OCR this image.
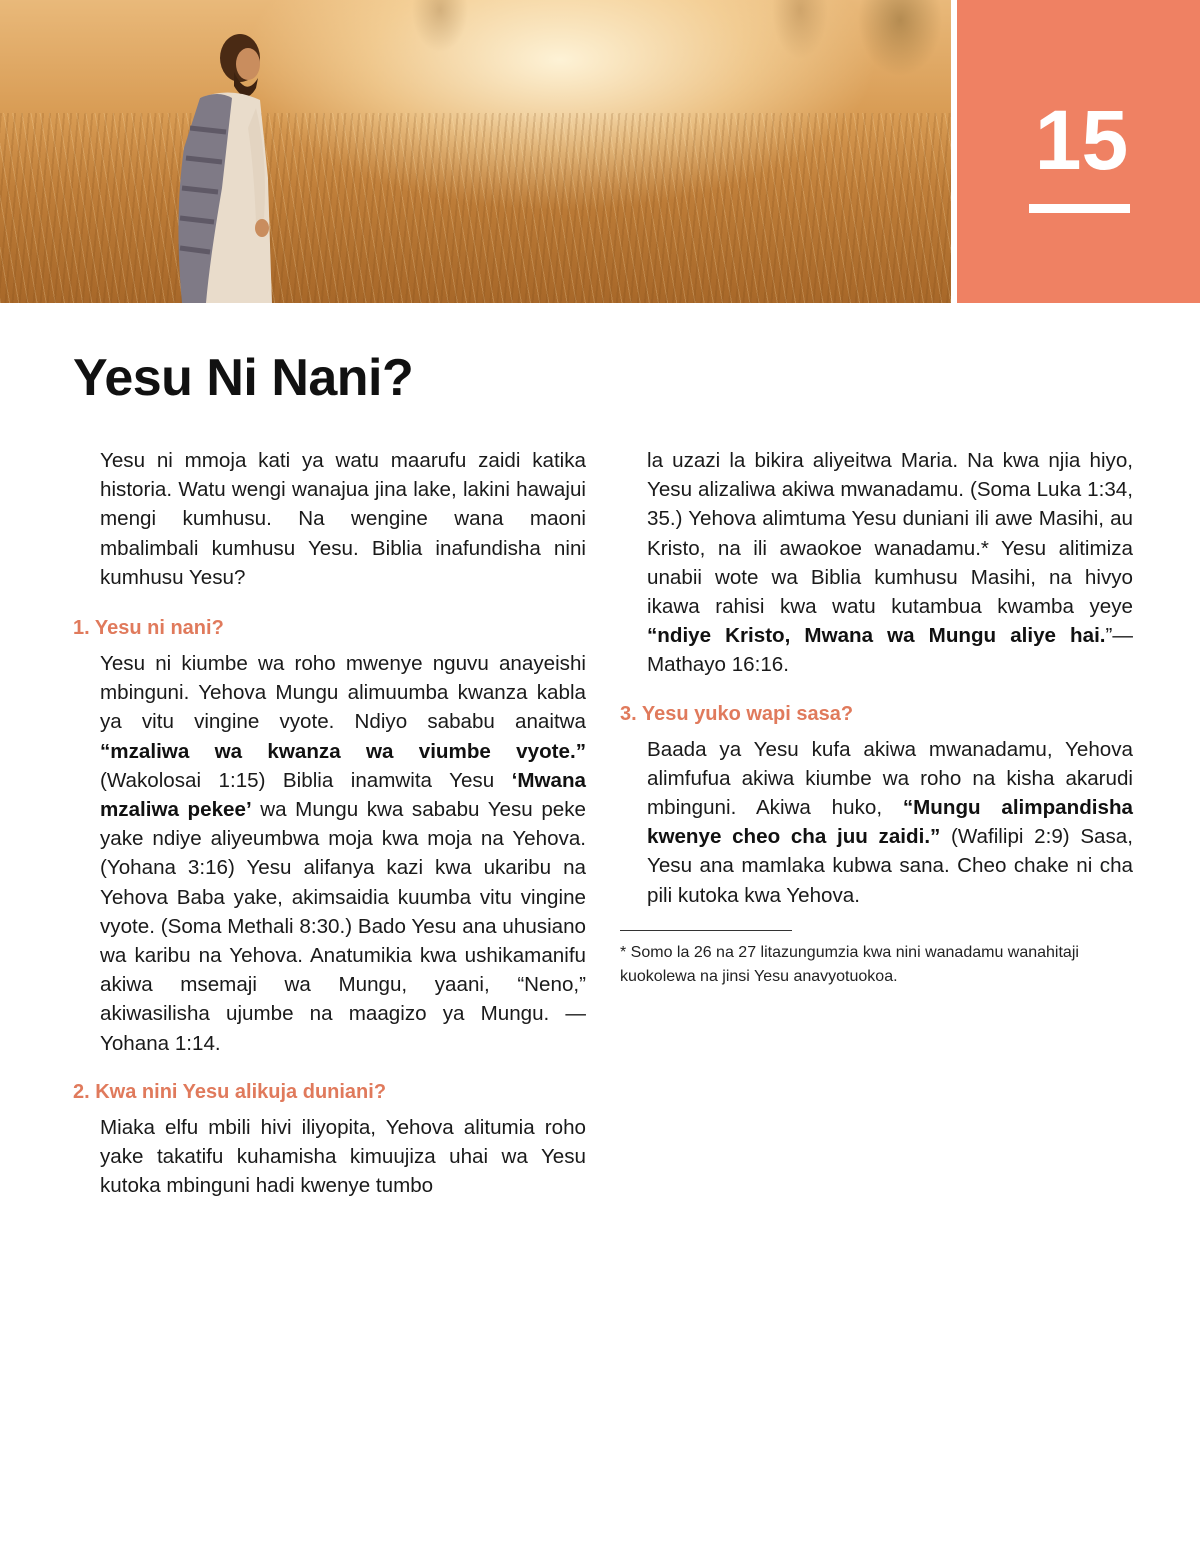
15
Yesu Ni Nani?

Yesu ni mmoja kati ya watu maarufu zaidi katika historia. Watu wengi wanajua jina lake, lakini hawajui mengi kumhusu. Na wengine wana maoni mbalimbali kumhusu Yesu. Biblia inafundisha nini kumhusu Yesu?

1. Yesu ni nani?

Yesu ni kiumbe wa roho mwenye nguvu anayeishi mbinguni. Yehova Mungu alimuumba kwanza kabla ya vitu vingine vyote. Ndiyo sababu anaitwa “mzaliwa wa kwanza wa viumbe vyote.” (Wakolosai 1:15) Biblia inamwita Yesu ‘Mwana mzaliwa pekee’ wa Mungu kwa sababu Yesu peke yake ndiye aliyeumbwa moja kwa moja na Yehova. (Yohana 3:16) Yesu alifanya kazi kwa ukaribu na Yehova Baba yake, akimsaidia kuumba vitu vingine vyote. (Soma Methali 8:30.) Bado Yesu ana uhusiano wa karibu na Yehova. Anatumikia kwa ushikamanifu akiwa msemaji wa Mungu, yaani, “Neno,” akiwasilisha ujumbe na maagizo ya Mungu. —Yohana 1:14.

2. Kwa nini Yesu alikuja duniani?

Miaka elfu mbili hivi iliyopita, Yehova alitumia roho yake takatifu kuhamisha kimuujiza uhai wa Yesu kutoka mbinguni hadi kwenye tumbo

la uzazi la bikira aliyeitwa Maria. Na kwa njia hiyo, Yesu alizaliwa akiwa mwanadamu. (Soma Luka 1:34, 35.) Yehova alimtuma Yesu duniani ili awe Masihi, au Kristo, na ili awaokoe wanadamu.* Yesu alitimiza unabii wote wa Biblia kumhusu Masihi, na hivyo ikawa rahisi kwa watu kutambua kwamba yeye “ndiye Kristo, Mwana wa Mungu aliye hai.”—Mathayo 16:16.

3. Yesu yuko wapi sasa?

Baada ya Yesu kufa akiwa mwanadamu, Yehova alimfufua akiwa kiumbe wa roho na kisha akarudi mbinguni. Akiwa huko, “Mungu alimpandisha kwenye cheo cha juu zaidi.” (Wafilipi 2:9) Sasa, Yesu ana mamlaka kubwa sana. Cheo chake ni cha pili kutoka kwa Yehova.

* Somo la 26 na 27 litazungumzia kwa nini wanadamu wanahitaji kuokolewa na jinsi Yesu anavyotuokoa.
